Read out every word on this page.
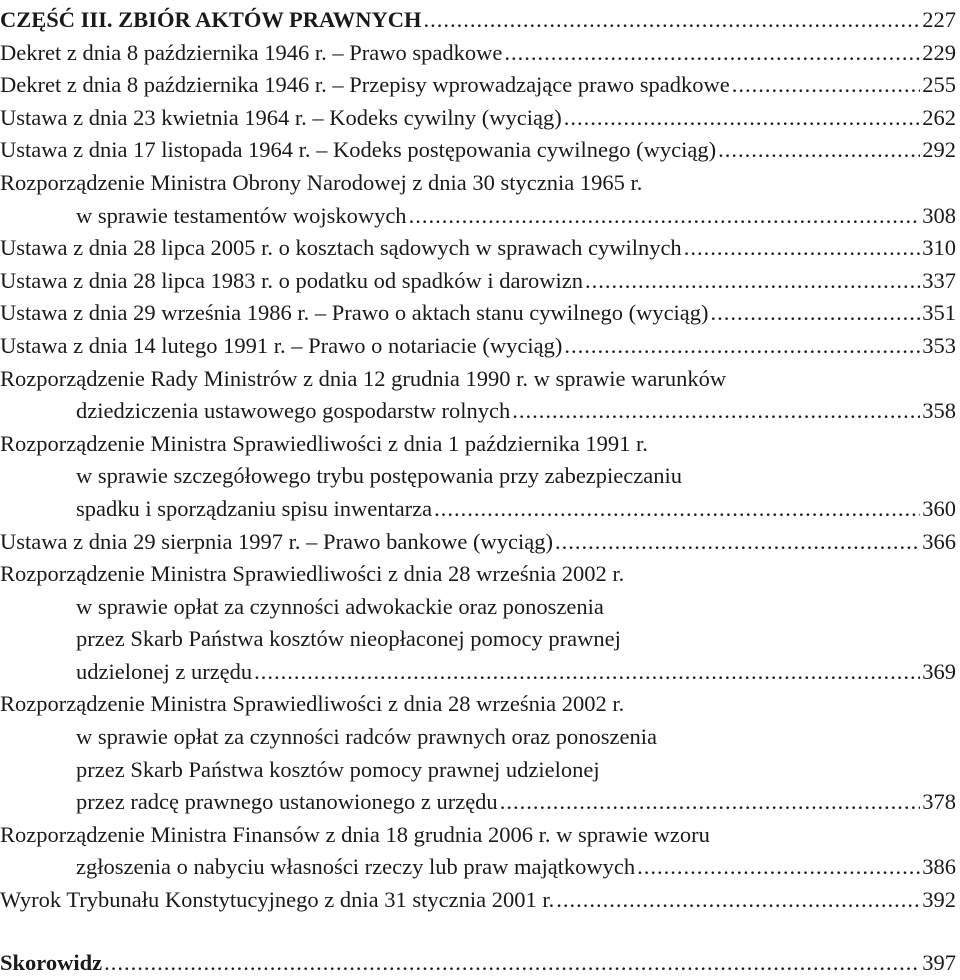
CZĘŚĆ III. ZBIÓR AKTÓW PRAWNYCH .....	227
Dekret z dnia 8 października 1946 r. – Prawo spadkowe .....	229
Dekret z dnia 8 października 1946 r. – Przepisy wprowadzające prawo spadkowe .....	255
Ustawa z dnia 23 kwietnia 1964 r. – Kodeks cywilny (wyciąg) .....	262
Ustawa z dnia 17 listopada 1964 r. – Kodeks postępowania cywilnego (wyciąg) .....	292
Rozporządzenie Ministra Obrony Narodowej z dnia 30 stycznia 1965 r.
w sprawie testamentów wojskowych .....	308
Ustawa z dnia 28 lipca 2005 r. o kosztach sądowych w sprawach cywilnych .....	310
Ustawa z dnia 28 lipca 1983 r. o podatku od spadków i darowizn .....	337
Ustawa z dnia 29 września 1986 r. – Prawo o aktach stanu cywilnego (wyciąg) .....	351
Ustawa z dnia 14 lutego 1991 r. – Prawo o notariacie (wyciąg) .....	353
Rozporządzenie Rady Ministrów z dnia 12 grudnia 1990 r. w sprawie warunków
dziedziczenia ustawowego gospodarstw rolnych .....	358
Rozporządzenie Ministra Sprawiedliwości z dnia 1 października 1991 r.
w sprawie szczegółowego trybu postępowania przy zabezpieczaniu
spadku i sporządzaniu spisu inwentarza .....	360
Ustawa z dnia 29 sierpnia 1997 r. – Prawo bankowe (wyciąg) .....	366
Rozporządzenie Ministra Sprawiedliwości z dnia 28 września 2002 r.
w sprawie opłat za czynności adwokackie oraz ponoszenia
przez Skarb Państwa kosztów nieopłaconej pomocy prawnej
udzielonej z urzędu .....	369
Rozporządzenie Ministra Sprawiedliwości z dnia 28 września 2002 r.
w sprawie opłat za czynności radców prawnych oraz ponoszenia
przez Skarb Państwa kosztów pomocy prawnej udzielonej
przez radcę prawnego ustanowionego z urzędu .....	378
Rozporządzenie Ministra Finansów z dnia 18 grudnia 2006 r. w sprawie wzoru
zgłoszenia o nabyciu własności rzeczy lub praw majątkowych .....	386
Wyrok Trybunału Konstytucyjnego z dnia 31 stycznia 2001 r. .....	392
Skorowidz .....	397
